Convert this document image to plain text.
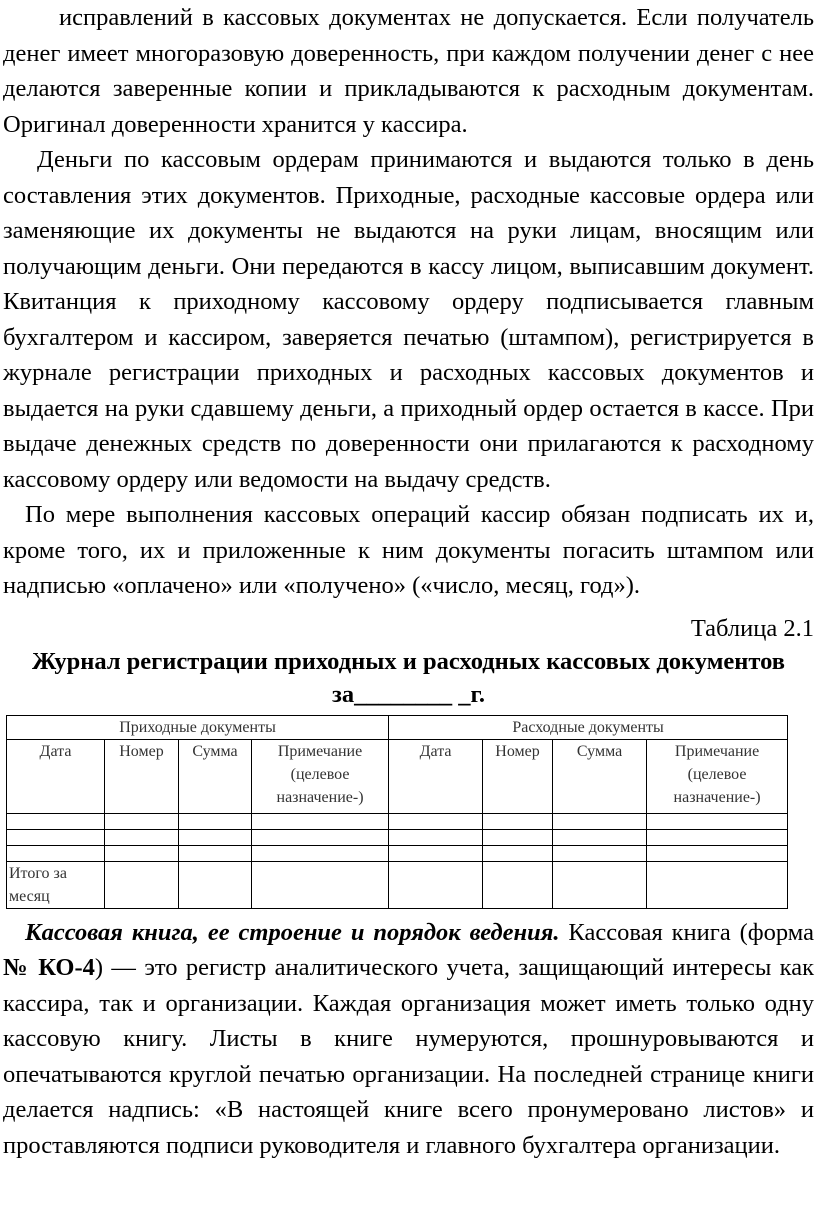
исправлений в кассовых документах не допускается. Если получатель денег имеет многоразовую доверенность, при каждом получении денег с нее делаются заверенные копии и прикладываются к расходным документам. Оригинал доверенности хранится у кассира.

Деньги по кассовым ордерам принимаются и выдаются только в день составления этих документов. Приходные, расходные кассовые ордера или заменяющие их документы не выдаются на руки лицам, вносящим или получающим деньги. Они передаются в кассу лицом, выписавшим документ. Квитанция к приходному кассовому ордеру подписывается главным бухгалтером и кассиром, заверяется печатью (штампом), регистрируется в журнале регистрации приходных и расходных кассовых документов и выдается на руки сдавшему деньги, а приходный ордер остается в кассе. При выдаче денежных средств по доверенности они прилагаются к расходному кассовому ордеру или ведомости на выдачу средств.

По мере выполнения кассовых операций кассир обязан подписать их и, кроме того, их и приложенные к ним документы погасить штампом или надписью «оплачено» или «получено» («число, месяц, год»).

Таблица 2.1
Журнал регистрации приходных и расходных кассовых документов за________ _г.
Приходные документы				Расходные документы			
Дата	Номер	Сумма	Примечание (целевое назначение-)	Дата	Номер	Сумма	Примечание (целевое назначение-)

Итого за месяц							

Кассовая книга, ее строение и порядок ведения. Кассовая книга (форма № КО-4) — это регистр аналитического учета, защищающий интересы как кассира, так и организации. Каждая организация может иметь только одну кассовую книгу. Листы в книге нумеруются, прошнуровываются и опечатываются круглой печатью организации. На последней странице книги делается надпись: «В настоящей книге всего пронумеровано листов» и проставляются подписи руководителя и главного бухгалтера организации.
